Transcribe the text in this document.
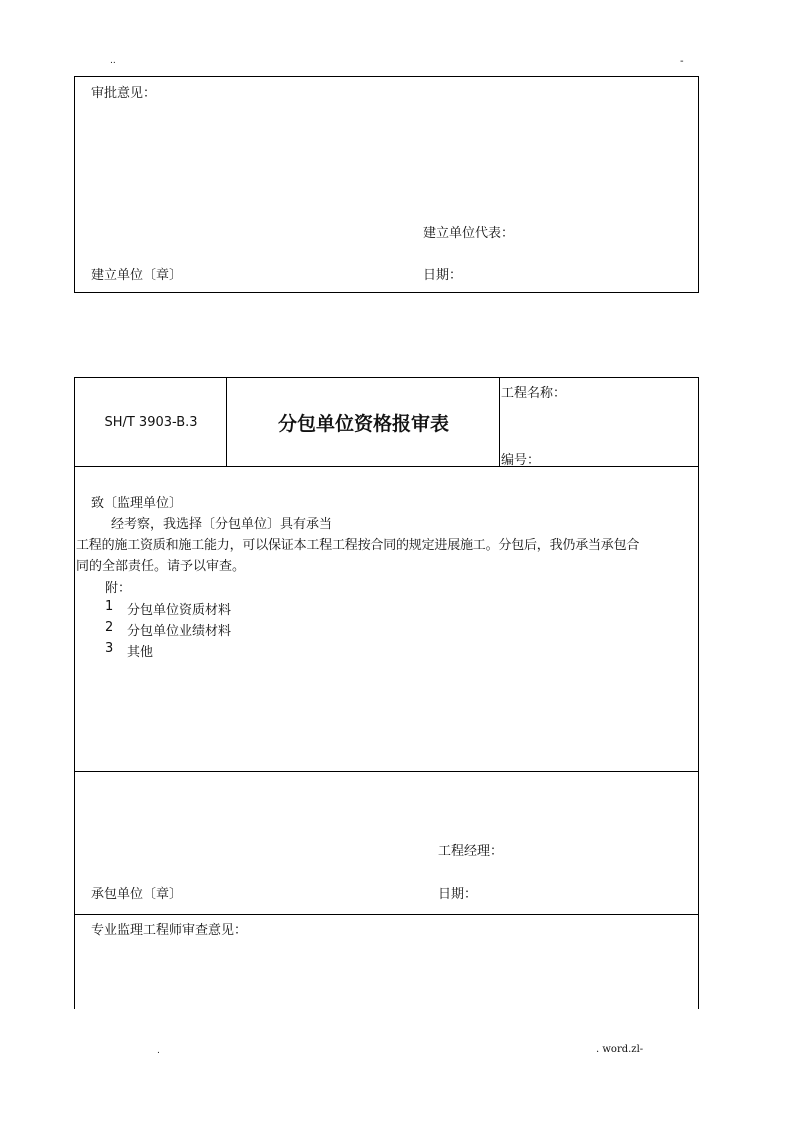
..	-
审批意见：
建立单位代表：
建立单位〔章〕	日期：
SH/T 3903-B.3	分包单位资格报审表
工程名称：
编号：
致〔监理单位〕
经考察，我选择〔分包单位〕具有承当
工程的施工资质和施工能力，可以保证本工程工程按合同的规定进展施工。分包后，我仍承当承包合
同的全部责任。请予以审查。
附：
1 分包单位资质材料
2 分包单位业绩材料
3 其他
工程经理：
承包单位〔章〕	日期：
专业监理工程师审查意见：
.	. word.zl-
